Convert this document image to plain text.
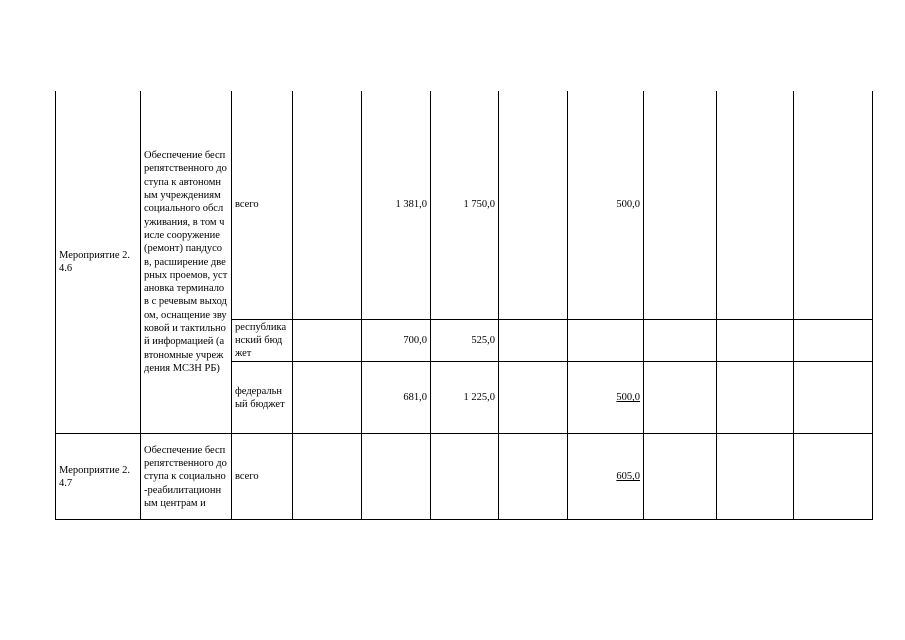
Мероприятие 2.4.6	Обеспечение беспрепятственного доступа к автономным учреждениям социального обслуживания, в том числе сооружение (ремонт) пандусов, расширение дверных проемов, установка терминалов с речевым выходом, оснащение звуковой и тактильной информацией (автономные учреждения МСЗН РБ)	всего		1 381,0	1 750,0		500,0			
		республиканский бюджет		700,0	525,0					
		федеральный бюджет		681,0	1 225,0		500,0			
Мероприятие 2.4.7	Обеспечение беспрепятственного доступа к социально-реабилитационным центрам и	всего					605,0			
